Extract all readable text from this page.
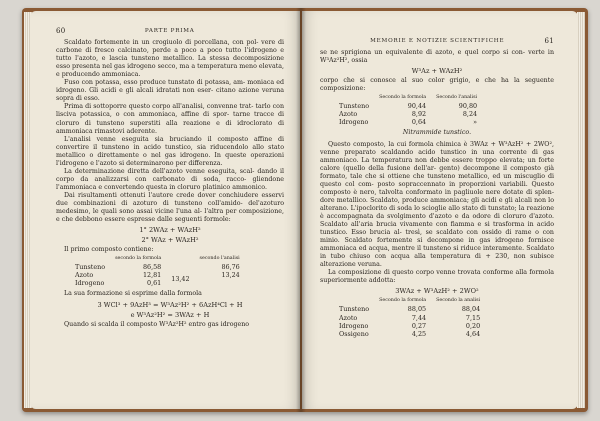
60	PARTE PRIMA

Scaldato fortemente in un crogiuolo di porcellana, con pol- vere di carbone di fresco calcinato, perde a poco a poco tutto l'idrogeno e tutto l'azoto, e lascia tunsteno metallico. La stessa decomposizione esso presenta nel gas idrogeno secco, ma a temperatura meno elevata, e producendo ammoniaca.

Fuso con potassa, esso produce tunstato di potassa, am- moniaca ed idrogeno. Gli acidi e gli alcali idratati non eser- citano azione veruna sopra di esso.

Prima di sottoporre questo corpo all'analisi, convenne trat- tarlo con lisciva potassica, o con ammoniaca, affine di spor- tarne tracce di cloruro di tunsteno superstiti alla reazione e di idroclorato di ammoniaca rimastovi aderente.

L'analisi venne eseguita sia bruciando il composto affine di convertire il tunsteno in acido tunstico, sia riducendolo allo stato metallico o direttamente o nel gas idrogeno. In queste operazioni l'idrogeno e l'azoto si determinarono per differenza.

La determinazione diretta dell'azoto venne eseguita, scal- dando il corpo da analizzarsi con carbonato di soda, racco- gliendone l'ammoniaca e convertendo questa in cloruro platinico ammonico.

Dai risultamenti ottenuti l'autore crede dover conchiudere esservi due combinazioni di azoturo di tunsteno coll'amido- del'azoturo medesimo, le quali sono assai vicine l'una al- l'altra per composizione, e che debbono essere espresse dalle seguenti formole:

1° 2WAz + WAzH²
2° WAz + WAzH²

Il primo composto contiene:

	secondo la formola		secondo l'analisi
Tunsteno	86,58		86,76
Azoto	12,81	13,42	13,24
Idrogeno	0,61		

La sua formazione si esprime dalla formola

3 WCl³ + 9AzH³ = W³Az²H² + 6AzH⁴Cl + H
e W³Az²H² = 3WAz + H

Quando si scalda il composto W³Az²H² entro gas idrogeno

MEMORIE E NOTIZIE SCIENTIFICHE	61

se ne sprigiona un equivalente di azoto, e quel corpo si con- verte in W³Az²H², ossia

W³Az + WAzH²

corpo che si conosce al suo color grigio, e che ha la seguente composizione:

	Secondo la formola	Secondo l'analisi
Tunsteno	90,44	90,80
Azoto	8,92	8,24
Idrogeno	0,64	»
Nitrammide tunstico.

Questo composto, la cui formola chimica è 3WAz + W³AzH² + 2WO², venne preparato scaldando acido tunstico in una corrente di gas ammoniaco. La temperatura non debbe essere troppo elevata; un forte calore (quello della fusione dell'ar- gento) decompone il composto già formato, tale che si ottiene che tunsteno metallico, ed un miscuglio di questo col com- posto sopraccennato in proporzioni variabili. Questo composto è nero, talvolta conformato in pagliuole nere dotate di splen- dore metallico. Scaldato, produce ammoniaca; gli acidi e gli alcali non lo alterano. L'ipoclorito di soda lo scioglie allo stato di tunstato; la reazione è accompagnata da svolgimento d'azoto e da odore di cloruro d'azoto. Scaldato all'aria brucia vivamente con fiamma e si trasforma in acido tunstico. Esso brucia al- tresì, se scaldato con ossido di rame o con minio. Scaldato fortemente si decompone in gas idrogeno fornisce ammoniaca ed acqua, mentre il tunsteno si riduce interamente. Scaldato in tubo chiuso con acqua alla temperatura di + 230, non subisce alterazione veruna.

La composizione di questo corpo venne trovata conforme alla formola superiormente addotta:

3WAz + W³AzH² + 2WO²
	Secondo la formola	Secondo la analisi
Tunsteno	88,05	88,04
Azoto	7,44	7,15
Idrogeno	0,27	0,20
Ossigeno	4,25	4,64
